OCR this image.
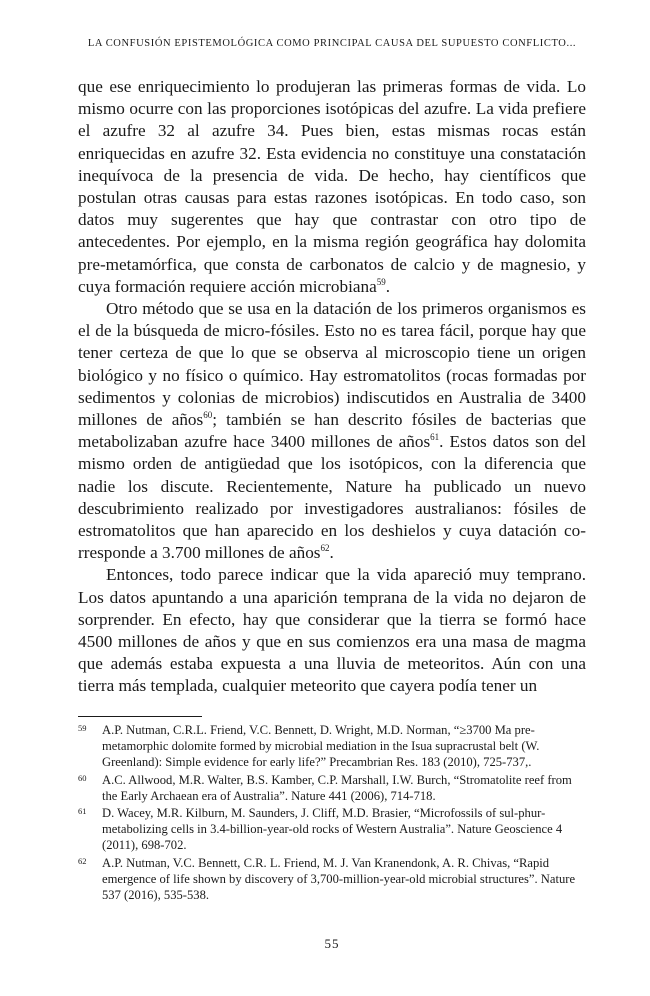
LA CONFUSIÓN EPISTEMOLÓGICA COMO PRINCIPAL CAUSA DEL SUPUESTO CONFLICTO...

que ese enriquecimiento lo produjeran las primeras formas de vida. Lo mismo ocurre con las proporciones isotópicas del azufre. La vida prefiere el azufre 32 al azufre 34. Pues bien, estas mismas rocas están enriquecidas en azufre 32. Esta evidencia no constituye una constatación inequívoca de la presencia de vida. De hecho, hay científicos que postulan otras causas para estas razones isotópicas. En todo caso, son datos muy sugerentes que hay que contrastar con otro tipo de antecedentes. Por ejemplo, en la misma región geográfica hay dolomita pre-metamórfica, que consta de carbonatos de calcio y de magnesio, y cuya formación requiere acción microbiana$^{59}$.

Otro método que se usa en la datación de los primeros organismos es el de la búsqueda de micro-fósiles. Esto no es tarea fácil, porque hay que tener certeza de que lo que se observa al microscopio tiene un origen biológico y no físico o químico. Hay estromatolitos (rocas formadas por sedimentos y colonias de microbios) indiscutidos en Australia de 3400 millones de años$^{60}$; también se han descrito fósiles de bacterias que metabolizaban azufre hace 3400 millones de años$^{61}$. Estos datos son del mismo orden de antigüedad que los isotópicos, con la diferencia que nadie los discute. Recientemente, Nature ha publicado un nuevo descubrimiento realizado por investigadores australianos: fósiles de estromatolitos que han aparecido en los deshielos y cuya datación co-rresponde a 3.700 millones de años$^{62}$.

Entonces, todo parece indicar que la vida apareció muy temprano. Los datos apuntando a una aparición temprana de la vida no dejaron de sorprender. En efecto, hay que considerar que la tierra se formó hace 4500 millones de años y que en sus comienzos era una masa de magma que además estaba expuesta a una lluvia de meteoritos. Aún con una tierra más templada, cualquier meteorito que cayera podía tener un

59 A.P. Nutman, C.R.L. Friend, V.C. Bennett, D. Wright, M.D. Norman, “≥3700 Ma pre-metamorphic dolomite formed by microbial mediation in the Isua supracrustal belt (W. Greenland): Simple evidence for early life?” Precambrian Res. 183 (2010), 725-737,.
60 A.C. Allwood, M.R. Walter, B.S. Kamber, C.P. Marshall, I.W. Burch, “Stromatolite reef from the Early Archaean era of Australia”. Nature 441 (2006), 714-718.
61 D. Wacey, M.R. Kilburn, M. Saunders, J. Cliff, M.D. Brasier, “Microfossils of sul-phur-metabolizing cells in 3.4-billion-year-old rocks of Western Australia”. Nature Geoscience 4 (2011), 698-702.
62 A.P. Nutman, V.C. Bennett, C.R. L. Friend, M. J. Van Kranendonk, A. R. Chivas, “Rapid emergence of life shown by discovery of 3,700-million-year-old microbial structures”. Nature 537 (2016), 535-538.
55
